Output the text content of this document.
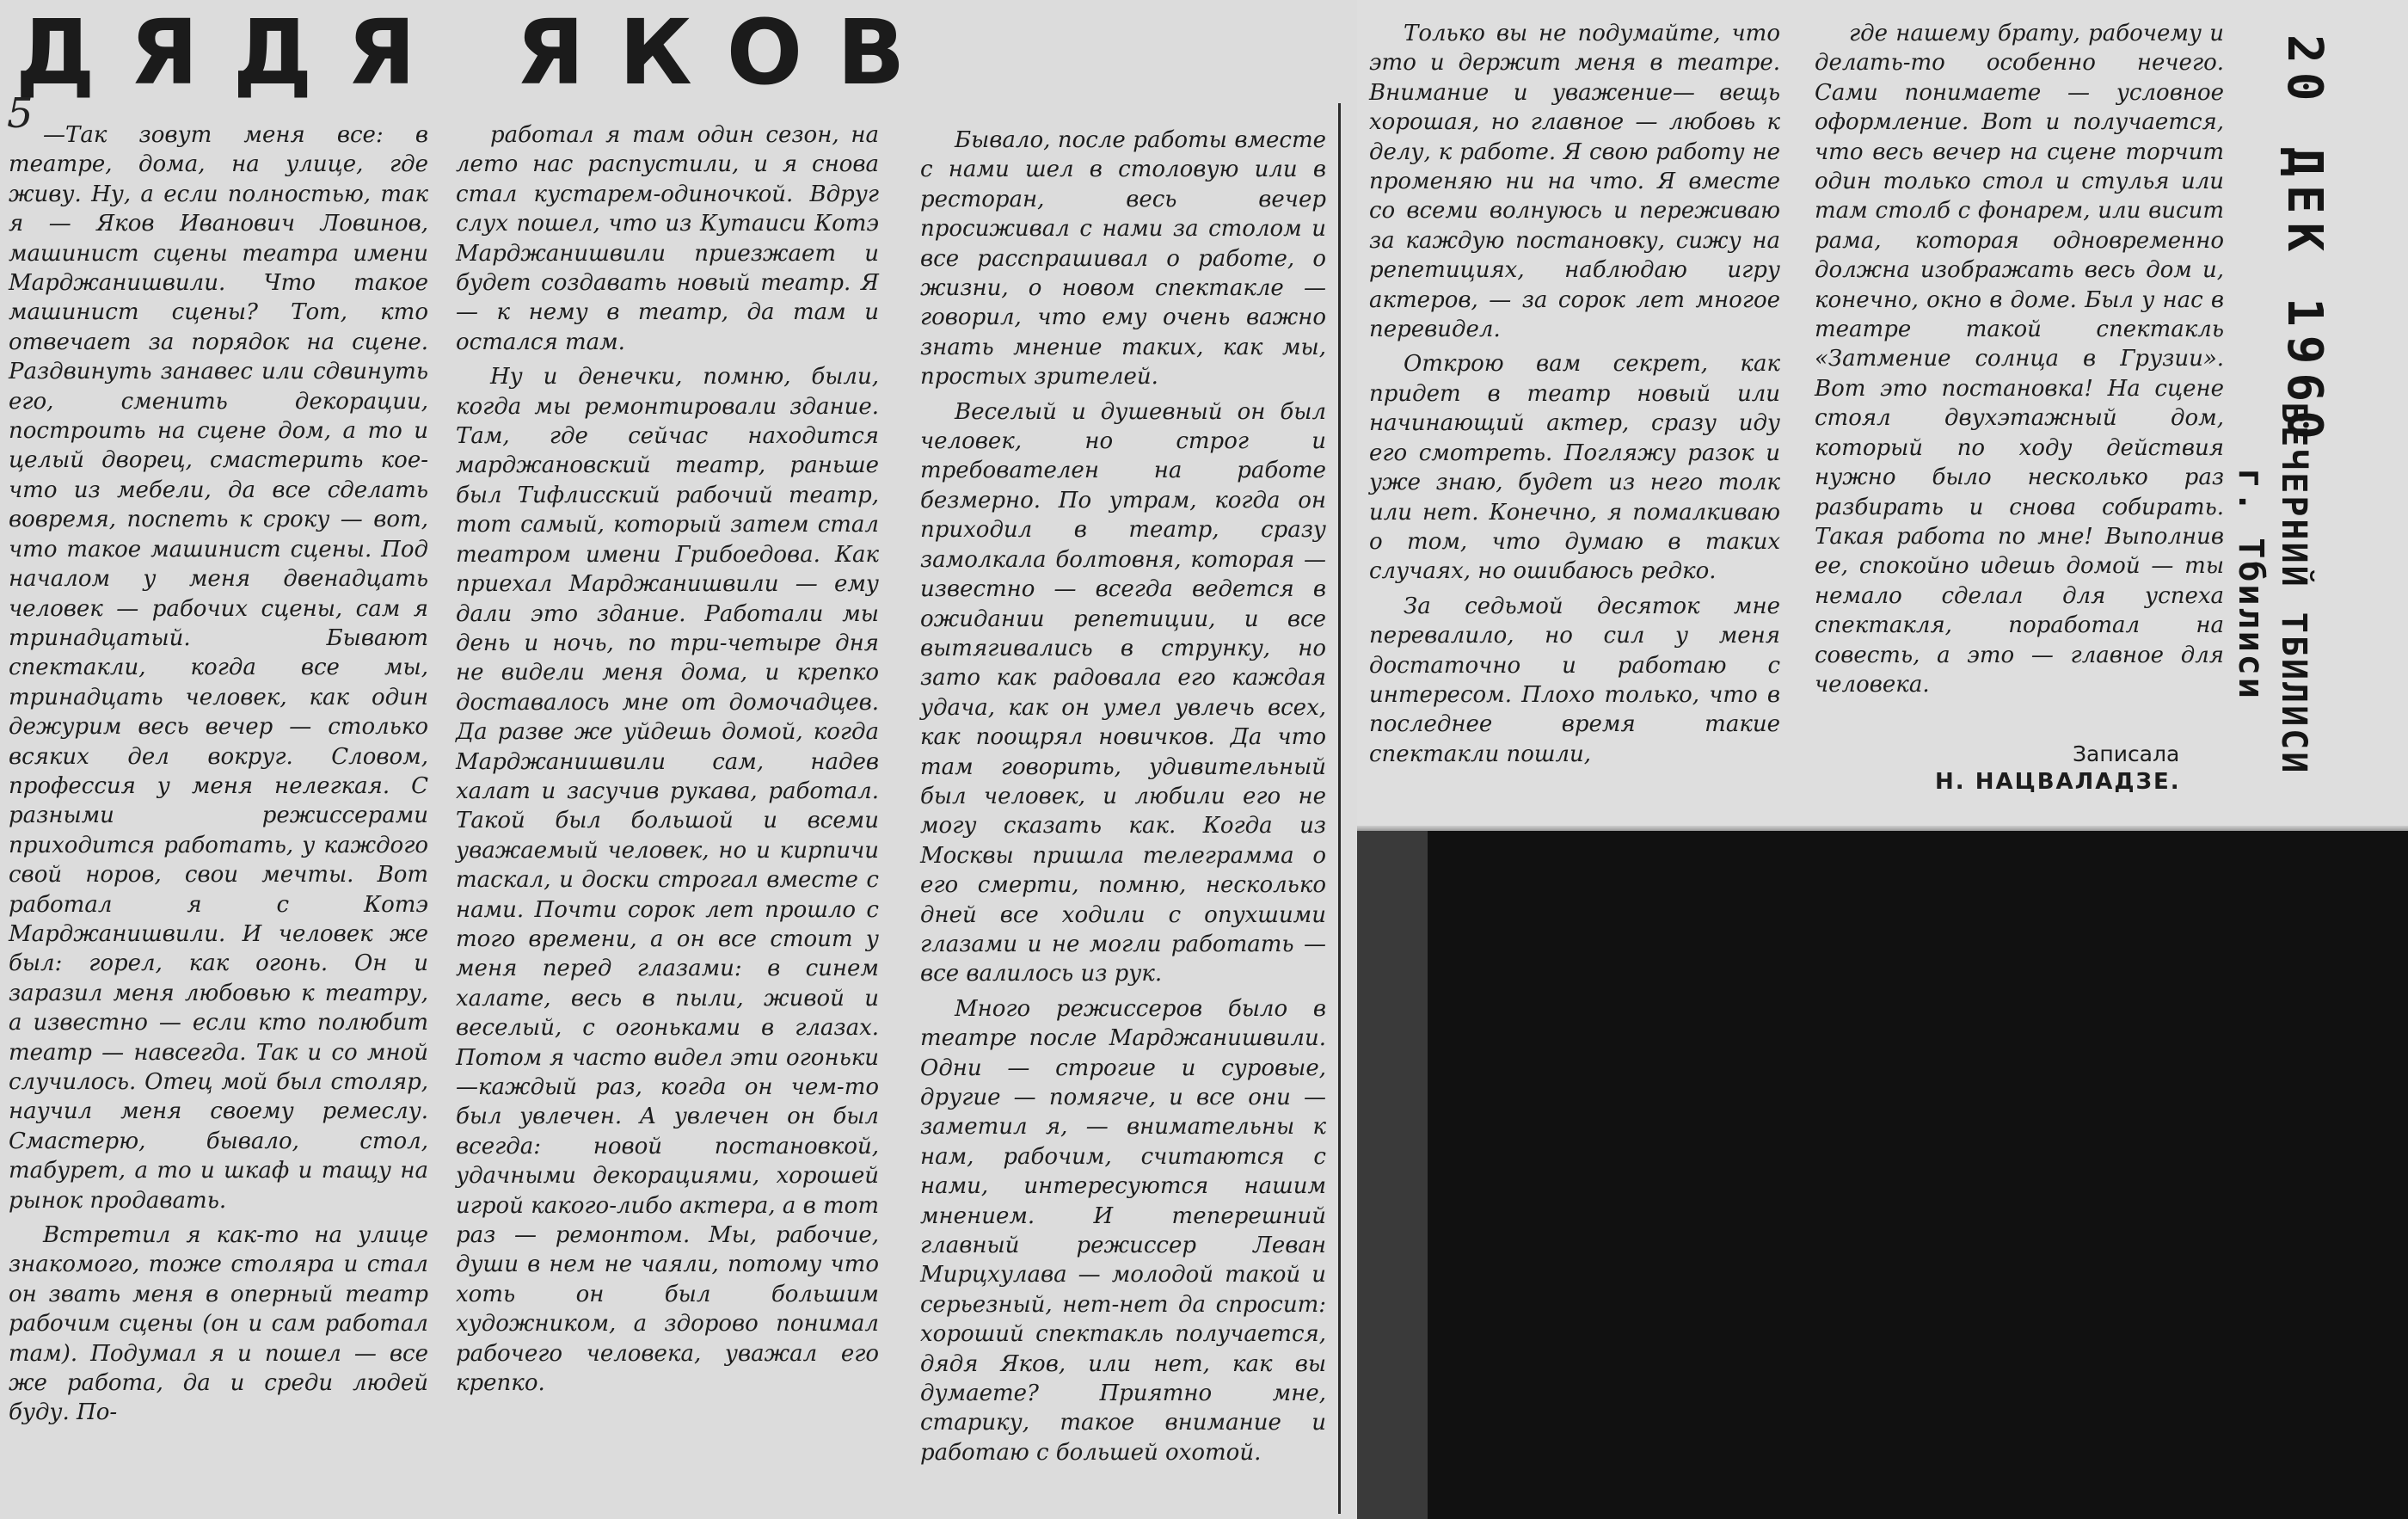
ДЯДЯ ЯКОВ
5 —Так зовут меня все: в театре, дома, на улице, где живу. Ну, а если полностью, так я — Яков Иванович Ловинов, машинист сцены театра имени Марджанишвили. Что такое машинист сцены? Тот, кто отвечает за порядок на сцене. Раздвинуть занавес или сдвинуть его, сменить декорации, построить на сцене дом, а то и целый дворец, смастерить кое-что из мебели, да все сделать вовремя, поспеть к сроку — вот, что такое машинист сцены. Под началом у меня двенадцать человек — рабочих сцены, сам я тринадцатый. Бывают спектакли, когда все мы, тринадцать человек, как один дежурим весь вечер — столько всяких дел вокруг. Словом, профессия у меня нелегкая. С разными режиссерами приходится работать, у каждого свой норов, свои мечты. Вот работал я с Котэ Марджанишвили. И человек же был: горел, как огонь. Он и заразил меня любовью к театру, а известно — если кто полюбит театр — навсегда. Так и со мной случилось. Отец мой был столяр, научил меня своему ремеслу. Смастерю, бывало, стол, табурет, а то и шкаф и тащу на рынок продавать.

Встретил я как-то на улице знакомого, тоже столяра и стал он звать меня в оперный театр рабочим сцены (он и сам работал там). Подумал я и пошел — все же работа, да и среди людей буду. По-

работал я там один сезон, на лето нас распустили, и я снова стал кустарем-одиночкой. Вдруг слух пошел, что из Кутаиси Котэ Марджанишвили приезжает и будет создавать новый театр. Я — к нему в театр, да там и остался там.

Ну и денечки, помню, были, когда мы ремонтировали здание. Там, где сейчас находится марджановский театр, раньше был Тифлисский рабочий театр, тот самый, который затем стал театром имени Грибоедова. Как приехал Марджанишвили — ему дали это здание. Работали мы день и ночь, по три-четыре дня не видели меня дома, и крепко доставалось мне от домочадцев. Да разве же уйдешь домой, когда Марджанишвили сам, надев халат и засучив рукава, работал. Такой был большой и всеми уважаемый человек, но и кирпичи таскал, и доски строгал вместе с нами. Почти сорок лет прошло с того времени, а он все стоит у меня перед глазами: в синем халате, весь в пыли, живой и веселый, с огоньками в глазах. Потом я часто видел эти огоньки—каждый раз, когда он чем-то был увлечен. А увлечен он был всегда: новой постановкой, удачными декорациями, хорошей игрой какого-либо актера, а в тот раз — ремонтом. Мы, рабочие, души в нем не чаяли, потому что хоть он был большим художником, а здорово понимал рабочего человека, уважал его крепко.

Бывало, после работы вместе с нами шел в столовую или в ресторан, весь вечер просиживал с нами за столом и все расспрашивал о работе, о жизни, о новом спектакле — говорил, что ему очень важно знать мнение таких, как мы, простых зрителей.

Веселый и душевный он был человек, но строг и требователен на работе безмерно. По утрам, когда он приходил в театр, сразу замолкала болтовня, которая — известно — всегда ведется в ожидании репетиции, и все вытягивались в струнку, но зато как радовала его каждая удача, как он умел увлечь всех, как поощрял новичков. Да что там говорить, удивительный был человек, и любили его не могу сказать как. Когда из Москвы пришла телеграмма о его смерти, помню, несколько дней все ходили с опухшими глазами и не могли работать — все валилось из рук.

Много режиссеров было в театре после Марджанишвили. Одни — строгие и суровые, другие — помягче, и все они — заметил я, — внимательны к нам, рабочим, считаются с нами, интересуются нашим мнением. И теперешний главный режиссер Леван Мирцхулава — молодой такой и серьезный, нет-нет да спросит: хороший спектакль получается, дядя Яков, или нет, как вы думаете? Приятно мне, старику, такое внимание и работаю с большей охотой.

Только вы не подумайте, что это и держит меня в театре. Внимание и уважение— вещь хорошая, но главное — любовь к делу, к работе. Я свою работу не променяю ни на что. Я вместе со всеми волнуюсь и переживаю за каждую постановку, сижу на репетициях, наблюдаю игру актеров, — за сорок лет многое перевидел.

Открою вам секрет, как придет в театр новый или начинающий актер, сразу иду его смотреть. Погляжу разок и уже знаю, будет из него толк или нет. Конечно, я помалкиваю о том, что думаю в таких случаях, но ошибаюсь редко.

За седьмой десяток мне перевалило, но сил у меня достаточно и работаю с интересом. Плохо только, что в последнее время такие спектакли пошли,

где нашему брату, рабочему и делать-то особенно нечего. Сами понимаете — условное оформление. Вот и получается, что весь вечер на сцене торчит один только стол и стулья или там столб с фонарем, или висит рама, которая одновременно должна изображать весь дом и, конечно, окно в доме. Был у нас в театре такой спектакль «Затмение солнца в Грузии». Вот это постановка! На сцене стоял двухэтажный дом, который по ходу действия нужно было несколько раз разбирать и снова собирать. Такая работа по мне! Выполнив ее, спокойно идешь домой — ты немало сделал для успеха спектакля, поработал на совесть, а это — главное для человека.

Записала
Н. НАЦВАЛАДЗЕ.
20 ДЕК 1960
ВЕЧЕРНИЙ ТБИЛИСИ
г. Тбилиси
